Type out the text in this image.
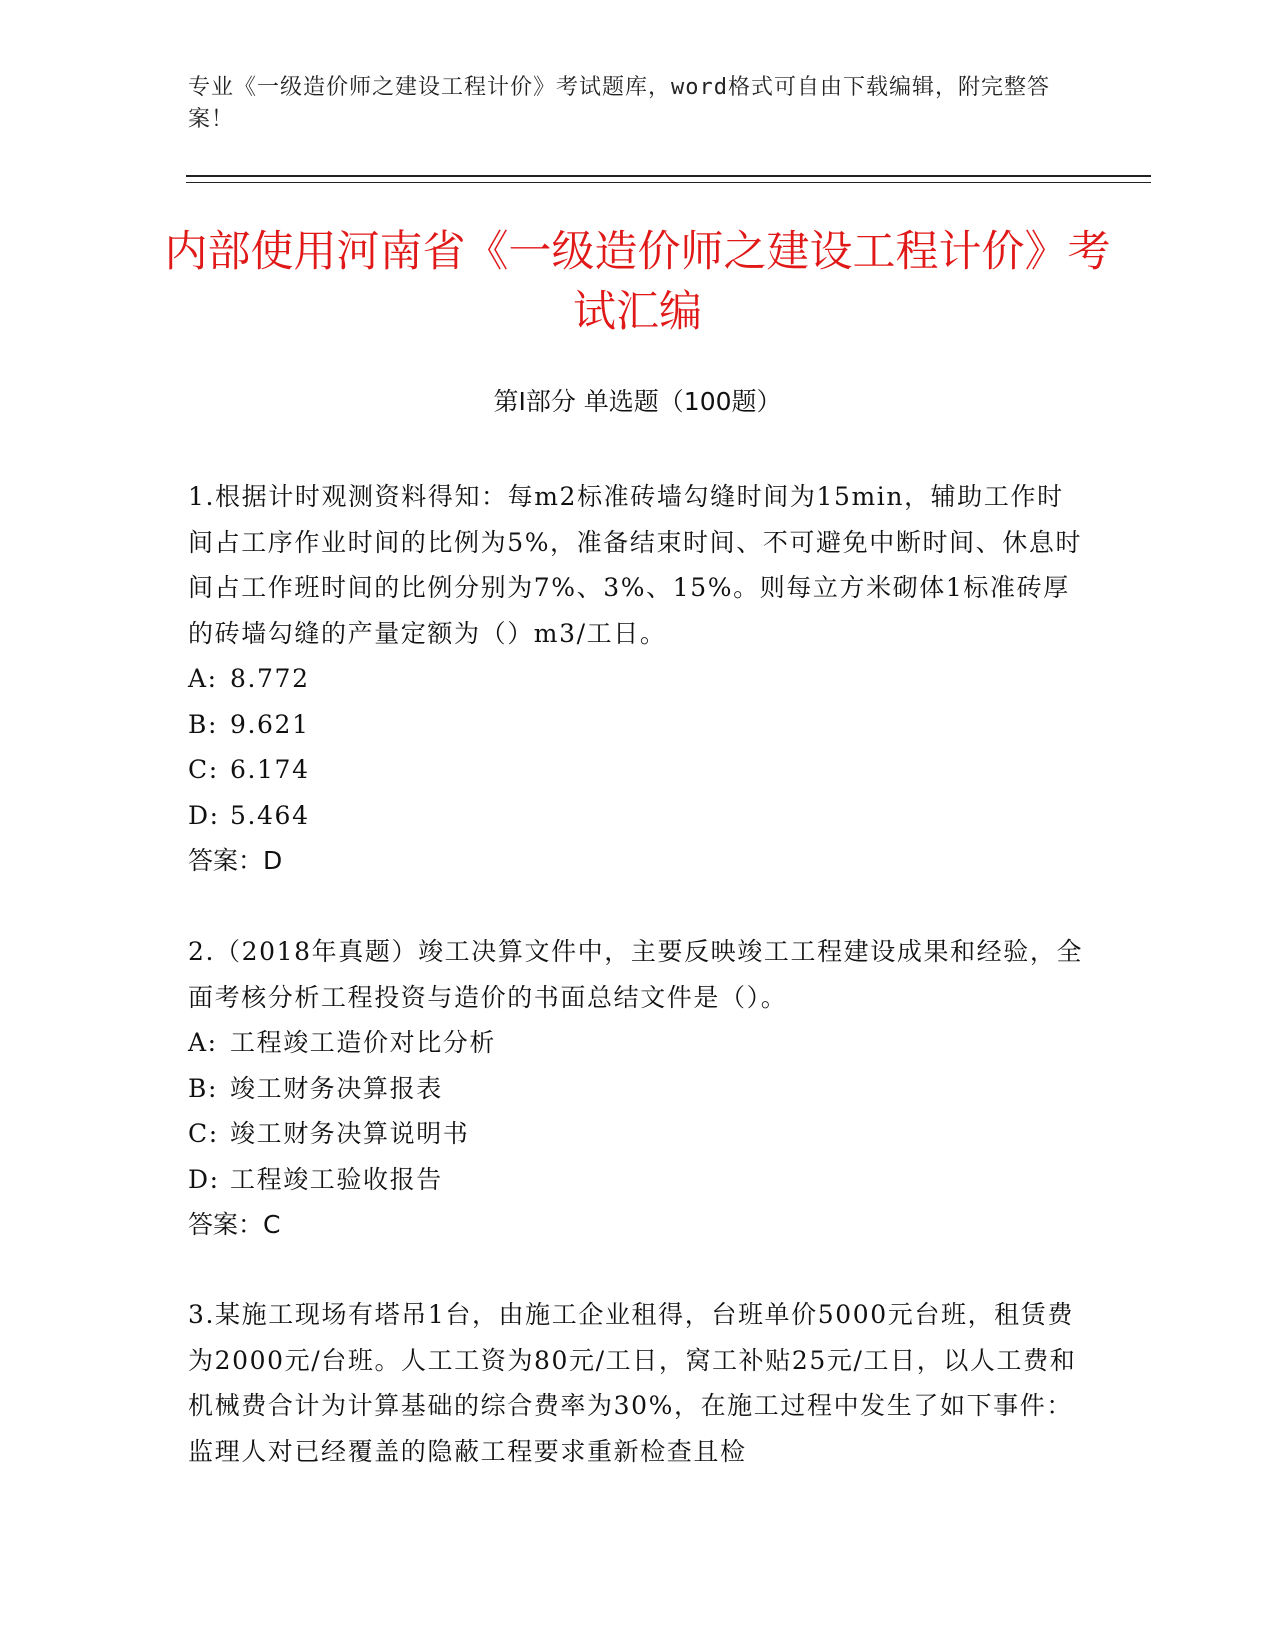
专业《一级造价师之建设工程计价》考试题库，word格式可自由下载编辑，附完整答案！
内部使用河南省《一级造价师之建设工程计价》考试汇编
第Ⅰ部分 单选题（100题）

1.根据计时观测资料得知：每m2标准砖墙勾缝时间为15min，辅助工作时间占工序作业时间的比例为5%，准备结束时间、不可避免中断时间、休息时间占工作班时间的比例分别为7%、3%、15%。则每立方米砌体1标准砖厚的砖墙勾缝的产量定额为（）m3/工日。

A: 8.772

B: 9.621

C: 6.174

D: 5.464

答案：D

2.（2018年真题）竣工决算文件中，主要反映竣工工程建设成果和经验，全面考核分析工程投资与造价的书面总结文件是（）。

A: 工程竣工造价对比分析

B: 竣工财务决算报表

C: 竣工财务决算说明书

D: 工程竣工验收报告

答案：C

3.某施工现场有塔吊1台，由施工企业租得，台班单价5000元台班，租赁费为2000元/台班。人工工资为80元/工日，窝工补贴25元/工日，以人工费和机械费合计为计算基础的综合费率为30%，在施工过程中发生了如下事件：监理人对已经覆盖的隐蔽工程要求重新检查且检
